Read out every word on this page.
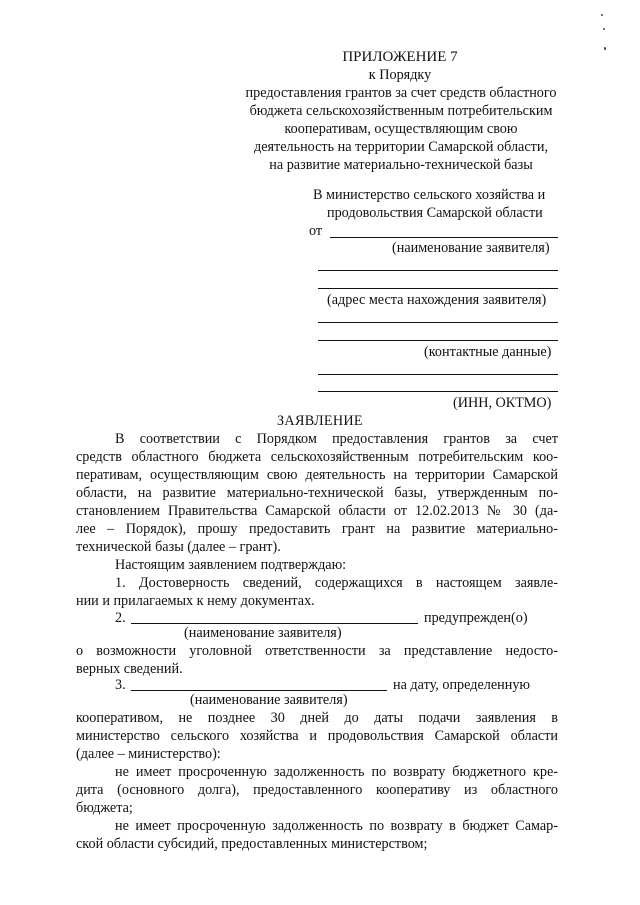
ПРИЛОЖЕНИЕ 7
к Порядку
предоставления грантов за счет средств областного
бюджета сельскохозяйственным потребительским
кооперативам, осуществляющим свою
деятельность на территории Самарской области,
на развитие материально-технической базы
В министерство сельского хозяйства и
продовольствия Самарской области
от
(наименование заявителя)
(адрес места нахождения заявителя)
(контактные данные)
(ИНН, ОКТМО)
ЗАЯВЛЕНИЕ
В соответствии с Порядком предоставления грантов за счет
средств областного бюджета сельскохозяйственным потребительским коо-
перативам, осуществляющим свою деятельность на территории Самарской
области, на развитие материально-технической базы, утвержденным по-
становлением Правительства Самарской области от 12.02.2013 № 30 (да-
лее – Порядок), прошу предоставить грант на развитие материально-
технической базы (далее – грант).
Настоящим заявлением подтверждаю:
1. Достоверность сведений, содержащихся в настоящем заявле-
нии и прилагаемых к нему документах.
2.	предупрежден(о)
(наименование заявителя)
о возможности уголовной ответственности за представление недосто-
верных сведений.
3.	на дату, определенную
(наименование заявителя)
кооперативом, не позднее 30 дней до даты подачи заявления в
министерство сельского хозяйства и продовольствия Самарской области
(далее – министерство):
не имеет просроченную задолженность по возврату бюджетного кре-
дита (основного долга), предоставленного кооперативу из областного
бюджета;
не имеет просроченную задолженность по возврату в бюджет Самар-
ской области субсидий, предоставленных министерством;
